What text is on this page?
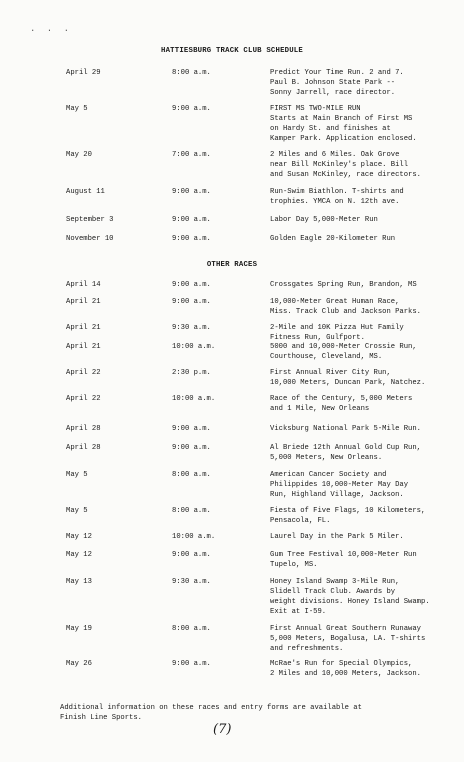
· · ·
HATTIESBURG TRACK CLUB SCHEDULE
April 29	8:00 a.m.	Predict Your Time Run. 2 and 7.
Paul B. Johnson State Park --
Sonny Jarrell, race director.
May 5	9:00 a.m.	FIRST MS TWO-MILE RUN
Starts at Main Branch of First MS
on Hardy St. and finishes at
Kamper Park. Application enclosed.
May 20	7:00 a.m.	2 Miles and 6 Miles. Oak Grove
near Bill McKinley's place. Bill
and Susan McKinley, race directors.
August 11	9:00 a.m.	Run-Swim Biathlon. T-shirts and
trophies. YMCA on N. 12th ave.
September 3	9:00 a.m.	Labor Day 5,000-Meter Run
November 10	9:00 a.m.	Golden Eagle 20-Kilometer Run
OTHER RACES
April 14	9:00 a.m.	Crossgates Spring Run, Brandon, MS
April 21	9:00 a.m.	10,000-Meter Great Human Race,
Miss. Track Club and Jackson Parks.
April 21	9:30 a.m.	2-Mile and 10K Pizza Hut Family
Fitness Run, Gulfport.
April 21	10:00 a.m.	5000 and 10,000-Meter Crossie Run,
Courthouse, Cleveland, MS.
April 22	2:30 p.m.	First Annual River City Run,
10,000 Meters, Duncan Park, Natchez.
April 22	10:00 a.m.	Race of the Century, 5,000 Meters
and 1 Mile, New Orleans
April 28	9:00 a.m.	Vicksburg National Park 5-Mile Run.
April 28	9:00 a.m.	Al Briede 12th Annual Gold Cup Run,
5,000 Meters, New Orleans.
May 5	8:00 a.m.	American Cancer Society and
Philippides 10,000-Meter May Day
Run, Highland Village, Jackson.
May 5	8:00 a.m.	Fiesta of Five Flags, 10 Kilometers,
Pensacola, FL.
May 12	10:00 a.m.	Laurel Day in the Park 5 Miler.
May 12	9:00 a.m.	Gum Tree Festival 10,000-Meter Run
Tupelo, MS.
May 13	9:30 a.m.	Honey Island Swamp 3-Mile Run,
Slidell Track Club. Awards by
weight divisions. Honey Island Swamp.
Exit at I-59.
May 19	8:00 a.m.	First Annual Great Southern Runaway
5,000 Meters, Bogalusa, LA. T-shirts
and refreshments.
May 26	9:00 a.m.	McRae's Run for Special Olympics,
2 Miles and 10,000 Meters, Jackson.
Additional information on these races and entry forms are available at
Finish Line Sports.
(7)
